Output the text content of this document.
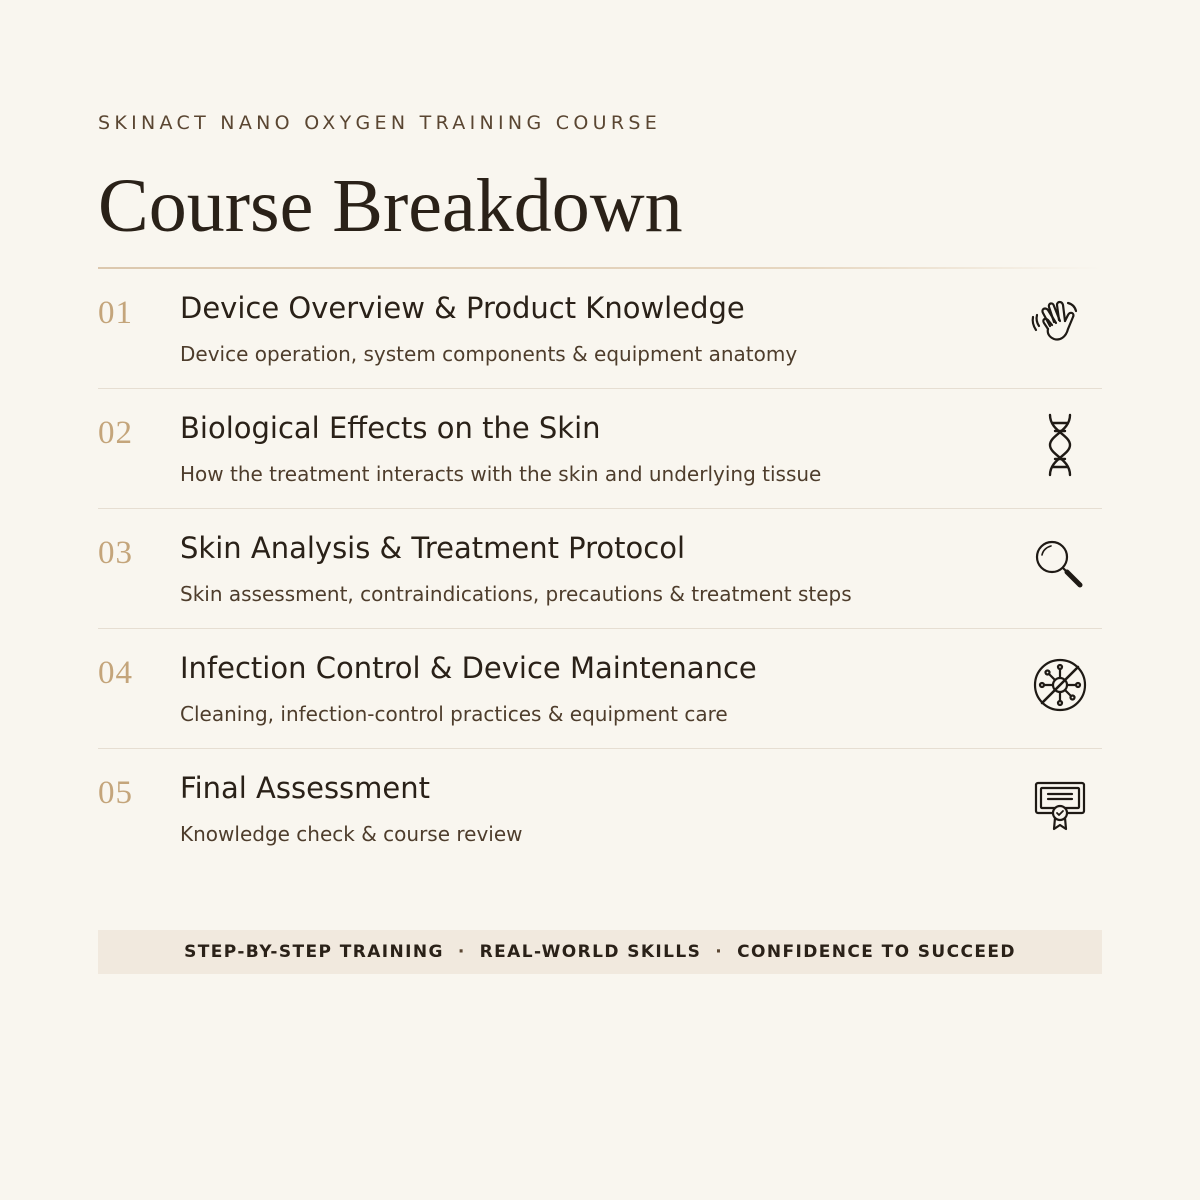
SKINACT NANO OXYGEN TRAINING COURSE
Course Breakdown
01 Device Overview & Product Knowledge
Device operation, system components & equipment anatomy
02 Biological Effects on the Skin
How the treatment interacts with the skin and underlying tissue
03 Skin Analysis & Treatment Protocol
Skin assessment, contraindications, precautions & treatment steps
04 Infection Control & Device Maintenance
Cleaning, infection-control practices & equipment care
05 Final Assessment
Knowledge check & course review
STEP-BY-STEP TRAINING · REAL-WORLD SKILLS · CONFIDENCE TO SUCCEED
